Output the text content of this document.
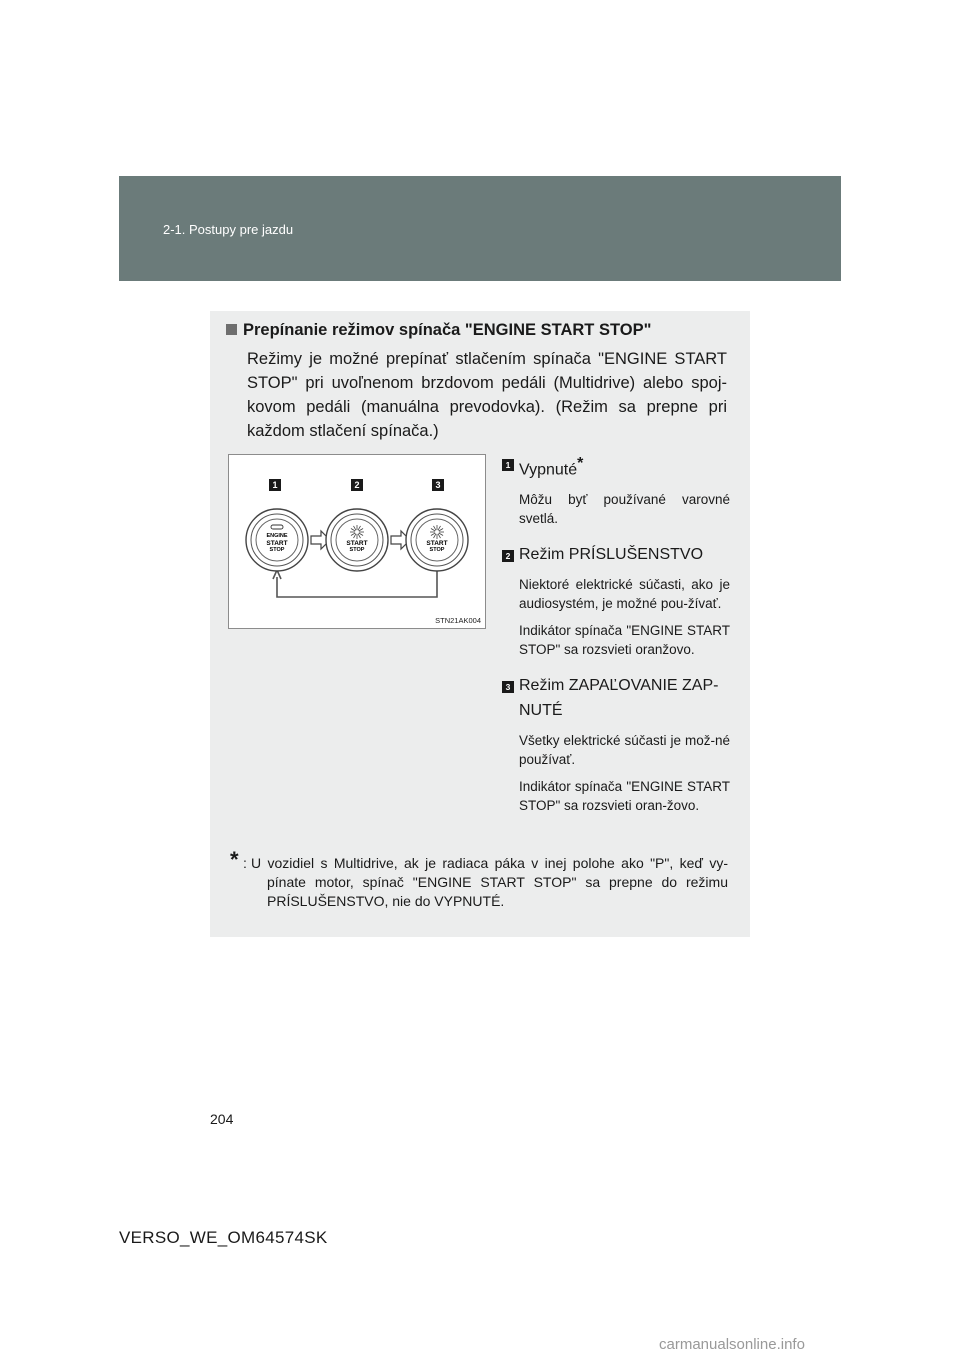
2-1. Postupy pre jazdu
Prepínanie režimov spínača "ENGINE START STOP"
Režimy je možné prepínať stlačením spínača "ENGINE START STOP" pri uvoľnenom brzdovom pedáli (Multidrive) alebo spoj-kovom pedáli (manuálna prevodovka). (Režim sa prepne pri každom stlačení spínača.)
1	2	3
ENGINE
START
STOP
START
STOP
START
STOP
STN21AK004
1 Vypnuté*
Môžu byť používané varovné svetlá.
2 Režim PRÍSLUŠENSTVO
Niektoré elektrické súčasti, ako je audiosystém, je možné pou-žívať.
Indikátor spínača "ENGINE START STOP" sa rozsvieti oranžovo.
3 Režim ZAPAĽOVANIE ZAP-NUTÉ
Všetky elektrické súčasti je mož-né používať.
Indikátor spínača "ENGINE START STOP" sa rozsvieti oran-žovo.
* : U vozidiel s Multidrive, ak je radiaca páka v inej polohe ako "P", keď vy-pínate motor, spínač "ENGINE START STOP" sa prepne do režimu PRÍSLUŠENSTVO, nie do VYPNUTÉ.
204
VERSO_WE_OM64574SK
carmanualsonline.info
